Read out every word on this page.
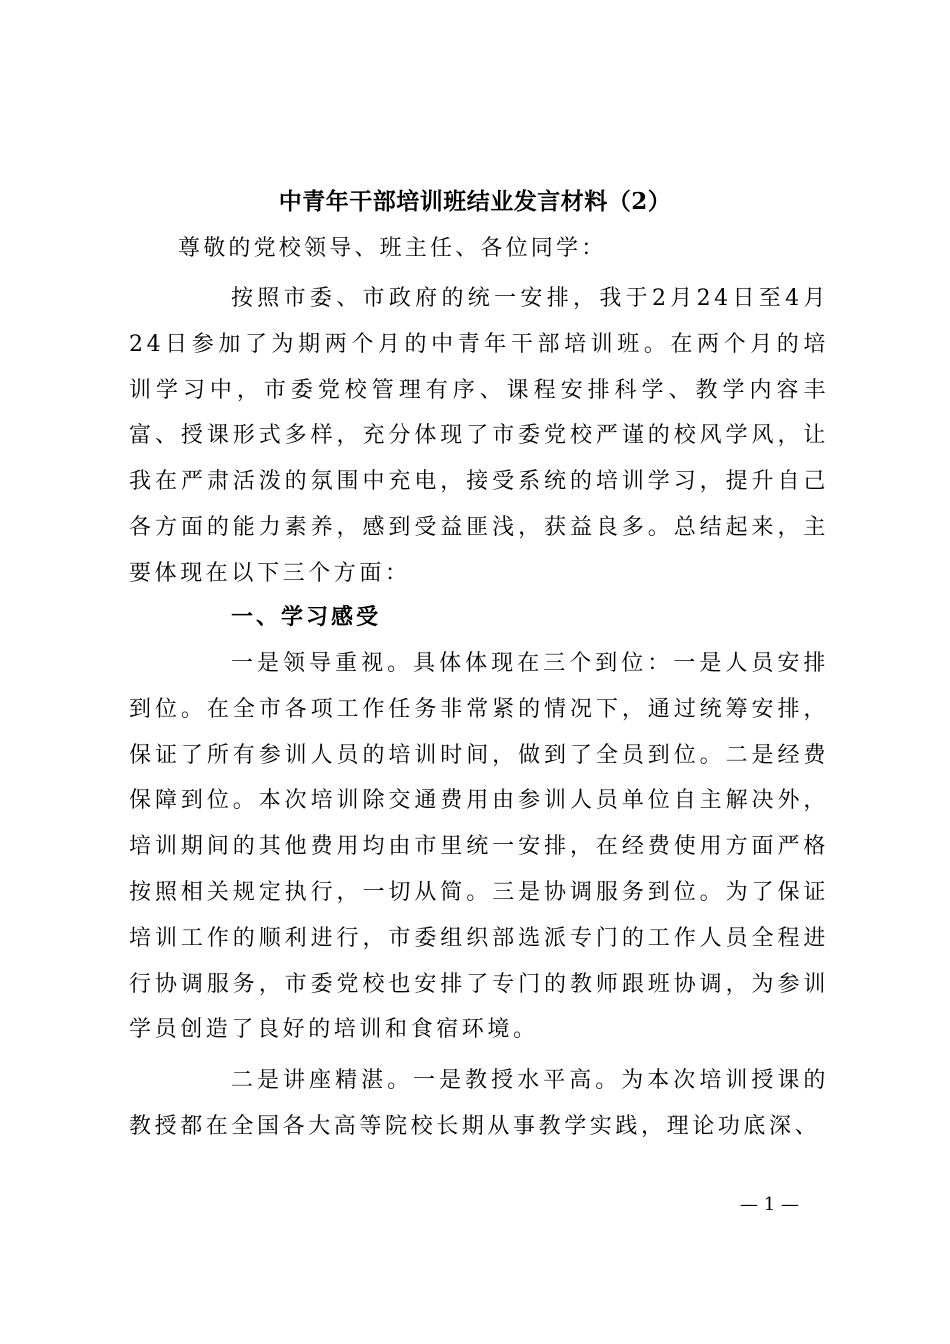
中青年干部培训班结业发言材料（2）
尊敬的党校领导、班主任、各位同学：

按照市委、市政府的统一安排，我于2月24日至4月24日参加了为期两个月的中青年干部培训班。在两个月的培训学习中，市委党校管理有序、课程安排科学、教学内容丰富、授课形式多样，充分体现了市委党校严谨的校风学风，让我在严肃活泼的氛围中充电，接受系统的培训学习，提升自己各方面的能力素养，感到受益匪浅，获益良多。总结起来，主要体现在以下三个方面：

一、学习感受

一是领导重视。具体体现在三个到位：一是人员安排到位。在全市各项工作任务非常紧的情况下，通过统筹安排，保证了所有参训人员的培训时间，做到了全员到位。二是经费保障到位。本次培训除交通费用由参训人员单位自主解决外，培训期间的其他费用均由市里统一安排，在经费使用方面严格按照相关规定执行，一切从简。三是协调服务到位。为了保证培训工作的顺利进行，市委组织部选派专门的工作人员全程进行协调服务，市委党校也安排了专门的教师跟班协调，为参训学员创造了良好的培训和食宿环境。

二是讲座精湛。一是教授水平高。为本次培训授课的教授都在全国各大高等院校长期从事教学实践，理论功底深、

— 1 —
